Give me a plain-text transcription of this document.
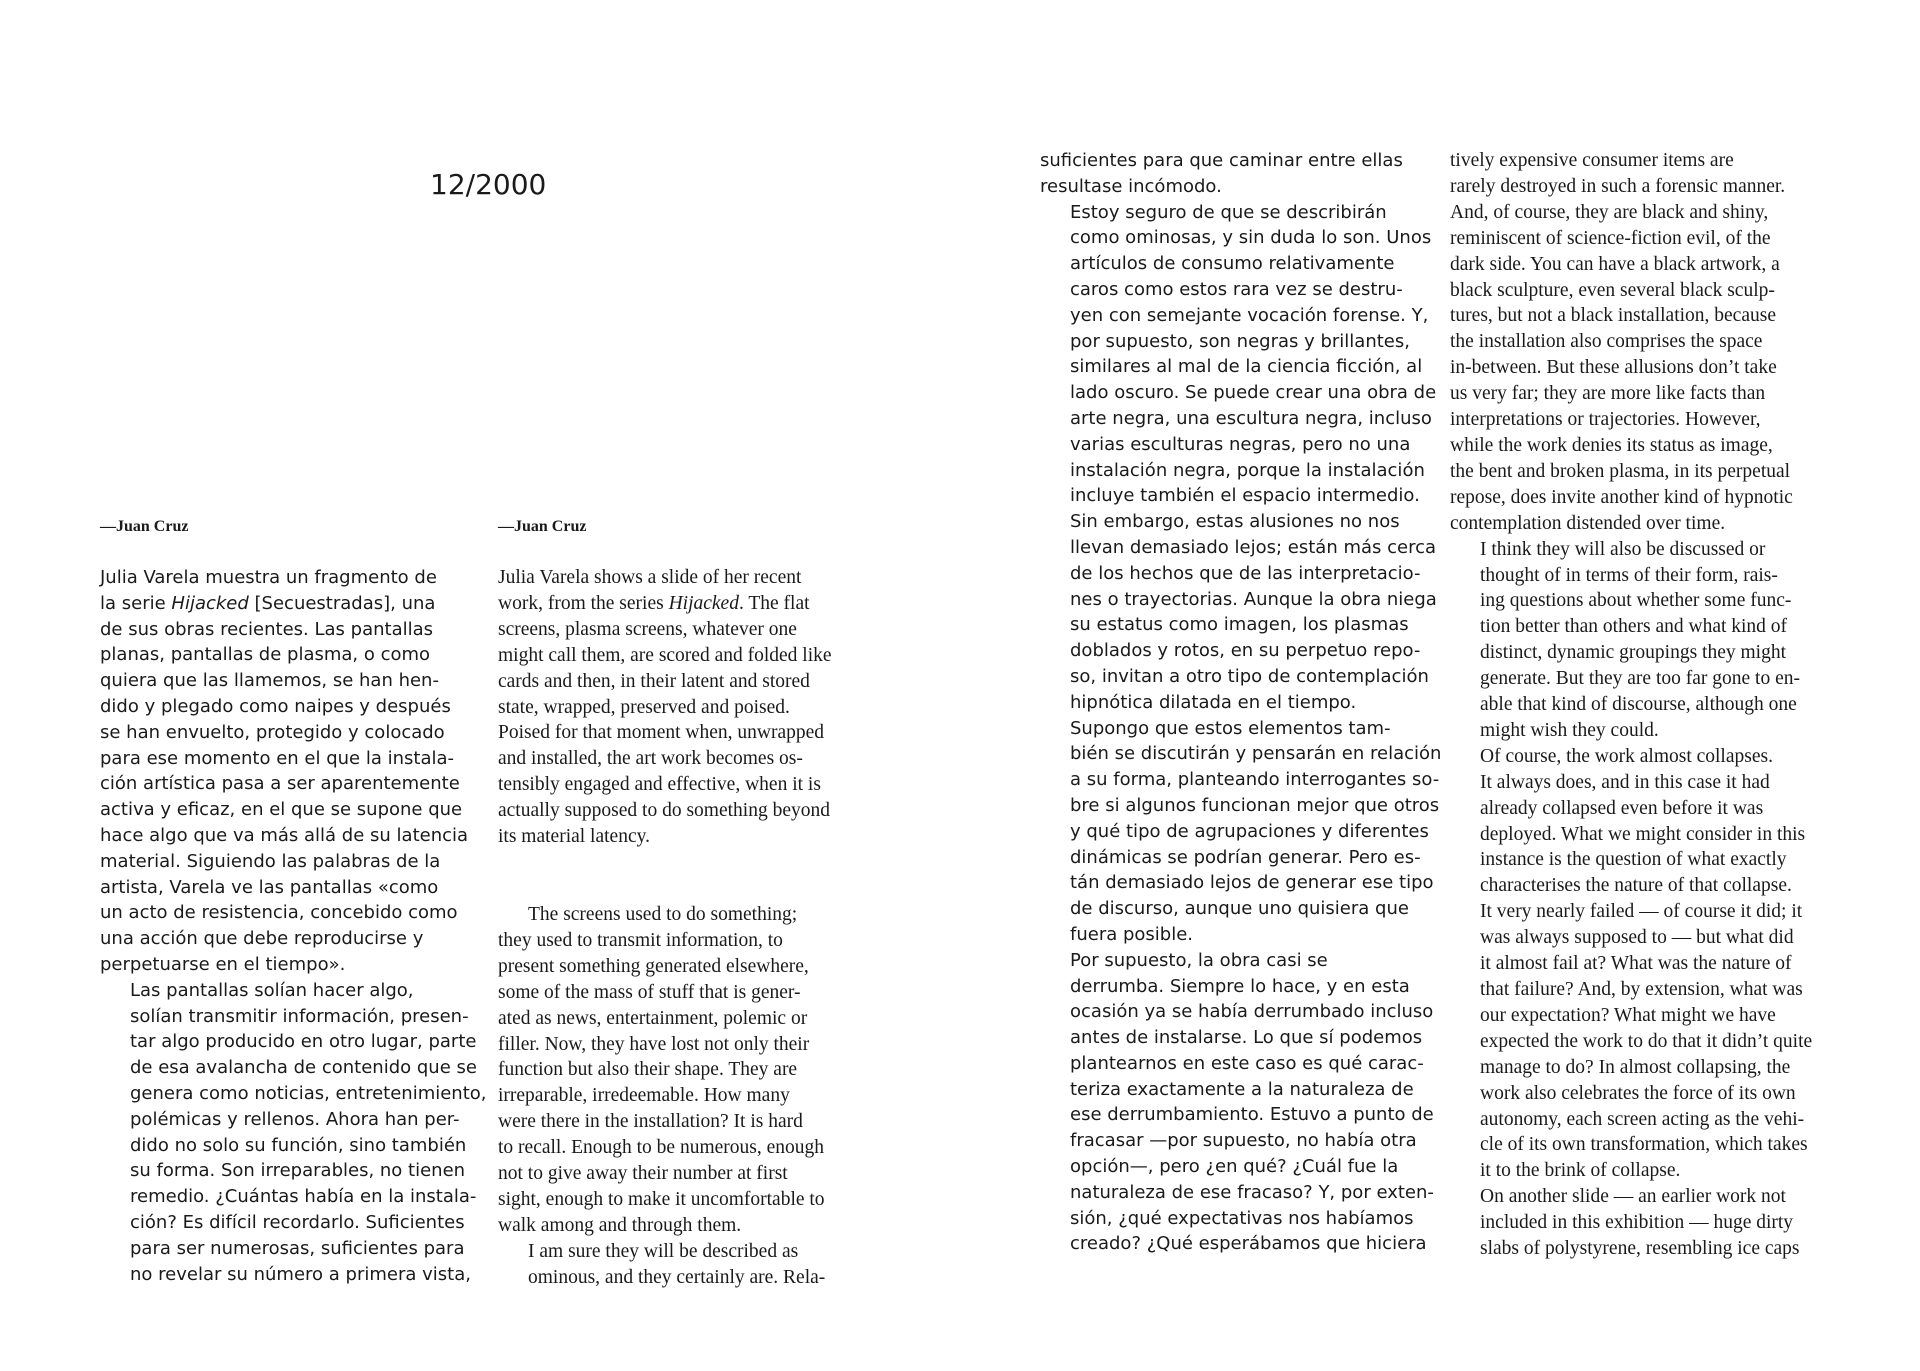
12/2000
—Juan Cruz	—Juan Cruz

Julia Varela muestra un fragmento de
la serie Hijacked [Secuestradas], una
de sus obras recientes. Las pantallas
planas, pantallas de plasma, o como
quiera que las llamemos, se han hen-
dido y plegado como naipes y después
se han envuelto, protegido y colocado
para ese momento en el que la instala-
ción artística pasa a ser aparentemente
activa y eficaz, en el que se supone que
hace algo que va más allá de su latencia
material. Siguiendo las palabras de la
artista, Varela ve las pantallas «como
un acto de resistencia, concebido como
una acción que debe reproducirse y
perpetuarse en el tiempo».

Las pantallas solían hacer algo,
solían transmitir información, presen-
tar algo producido en otro lugar, parte
de esa avalancha de contenido que se
genera como noticias, entretenimiento,
polémicas y rellenos. Ahora han per-
dido no solo su función, sino también
su forma. Son irreparables, no tienen
remedio. ¿Cuántas había en la instala-
ción? Es difícil recordarlo. Suficientes
para ser numerosas, suficientes para
no revelar su número a primera vista,

Julia Varela shows a slide of her recent
work, from the series Hijacked. The flat
screens, plasma screens, whatever one
might call them, are scored and folded like
cards and then, in their latent and stored
state, wrapped, preserved and poised.
Poised for that moment when, unwrapped
and installed, the art work becomes os-
tensibly engaged and effective, when it is
actually supposed to do something beyond
its material latency.

The screens used to do something;
they used to transmit information, to
present something generated elsewhere,
some of the mass of stuff that is gener-
ated as news, entertainment, polemic or
filler. Now, they have lost not only their
function but also their shape. They are
irreparable, irredeemable. How many
were there in the installation? It is hard
to recall. Enough to be numerous, enough
not to give away their number at first
sight, enough to make it uncomfortable to
walk among and through them.

I am sure they will be described as
ominous, and they certainly are. Rela-

suficientes para que caminar entre ellas
resultase incómodo.

Estoy seguro de que se describirán
como ominosas, y sin duda lo son. Unos
artículos de consumo relativamente
caros como estos rara vez se destru-
yen con semejante vocación forense. Y,
por supuesto, son negras y brillantes,
similares al mal de la ciencia ficción, al
lado oscuro. Se puede crear una obra de
arte negra, una escultura negra, incluso
varias esculturas negras, pero no una
instalación negra, porque la instalación
incluye también el espacio intermedio.
Sin embargo, estas alusiones no nos
llevan demasiado lejos; están más cerca
de los hechos que de las interpretacio-
nes o trayectorias. Aunque la obra niega
su estatus como imagen, los plasmas
doblados y rotos, en su perpetuo repo-
so, invitan a otro tipo de contemplación
hipnótica dilatada en el tiempo.

Supongo que estos elementos tam-
bién se discutirán y pensarán en relación
a su forma, planteando interrogantes so-
bre si algunos funcionan mejor que otros
y qué tipo de agrupaciones y diferentes
dinámicas se podrían generar. Pero es-
tán demasiado lejos de generar ese tipo
de discurso, aunque uno quisiera que
fuera posible.

Por supuesto, la obra casi se
derrumba. Siempre lo hace, y en esta
ocasión ya se había derrumbado incluso
antes de instalarse. Lo que sí podemos
plantearnos en este caso es qué carac-
teriza exactamente a la naturaleza de
ese derrumbamiento. Estuvo a punto de
fracasar —por supuesto, no había otra
opción—, pero ¿en qué? ¿Cuál fue la
naturaleza de ese fracaso? Y, por exten-
sión, ¿qué expectativas nos habíamos
creado? ¿Qué esperábamos que hiciera

tively expensive consumer items are
rarely destroyed in such a forensic manner.
And, of course, they are black and shiny,
reminiscent of science-fiction evil, of the
dark side. You can have a black artwork, a
black sculpture, even several black sculp-
tures, but not a black installation, because
the installation also comprises the space
in-between. But these allusions don’t take
us very far; they are more like facts than
interpretations or trajectories. However,
while the work denies its status as image,
the bent and broken plasma, in its perpetual
repose, does invite another kind of hypnotic
contemplation distended over time.

I think they will also be discussed or
thought of in terms of their form, rais-
ing questions about whether some func-
tion better than others and what kind of
distinct, dynamic groupings they might
generate. But they are too far gone to en-
able that kind of discourse, although one
might wish they could.

Of course, the work almost collapses.
It always does, and in this case it had
already collapsed even before it was
deployed. What we might consider in this
instance is the question of what exactly
characterises the nature of that collapse.
It very nearly failed — of course it did; it
was always supposed to — but what did
it almost fail at? What was the nature of
that failure? And, by extension, what was
our expectation? What might we have
expected the work to do that it didn’t quite
manage to do? In almost collapsing, the
work also celebrates the force of its own
autonomy, each screen acting as the vehi-
cle of its own transformation, which takes
it to the brink of collapse.

On another slide — an earlier work not
included in this exhibition — huge dirty
slabs of polystyrene, resembling ice caps
